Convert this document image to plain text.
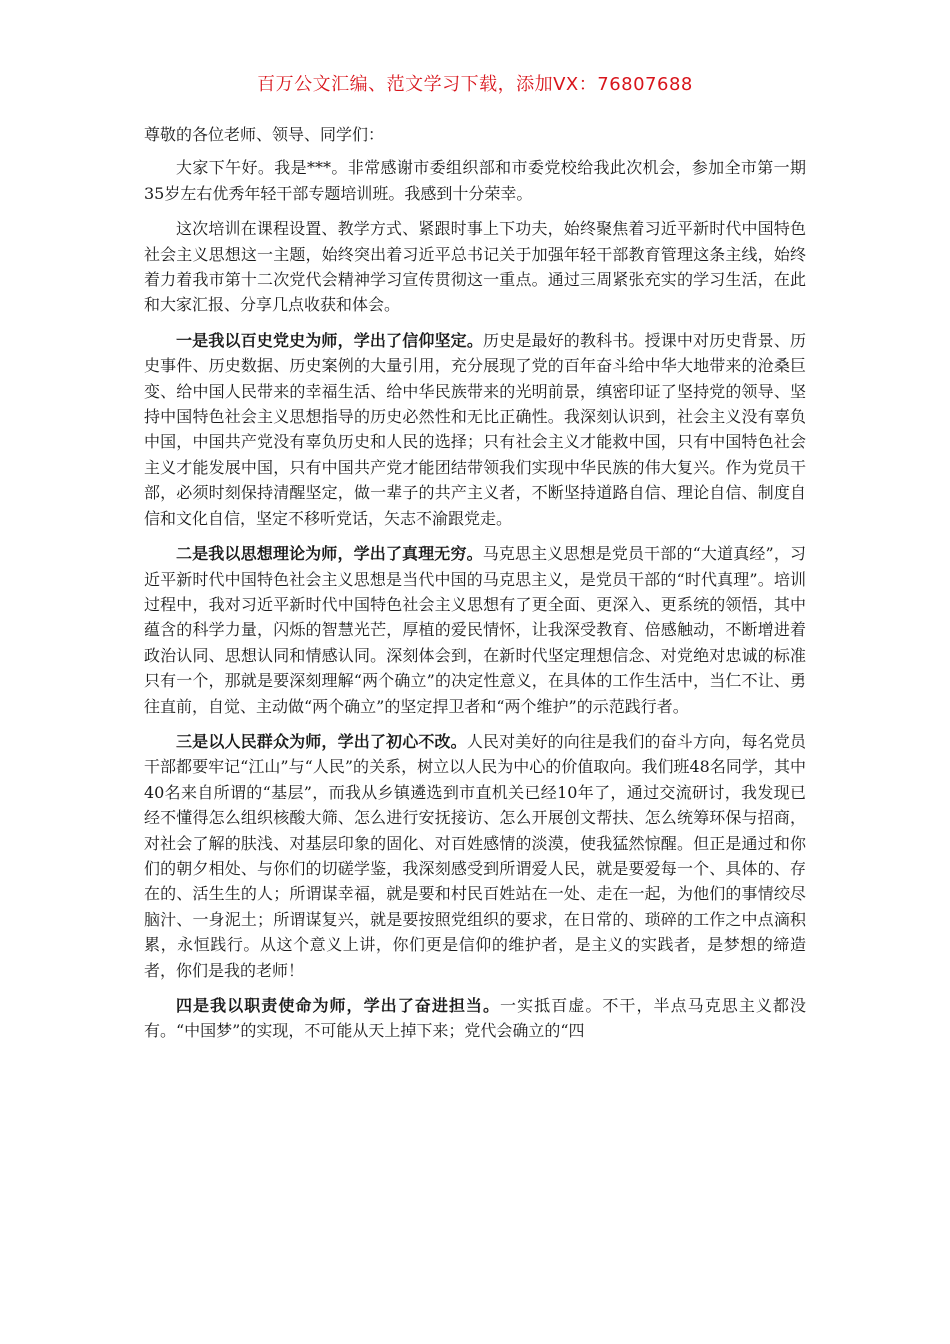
百万公文汇编、范文学习下载，添加VX：76807688

尊敬的各位老师、领导、同学们：

大家下午好。我是***。非常感谢市委组织部和市委党校给我此次机会，参加全市第一期35岁左右优秀年轻干部专题培训班。我感到十分荣幸。

这次培训在课程设置、教学方式、紧跟时事上下功夫，始终聚焦着习近平新时代中国特色社会主义思想这一主题，始终突出着习近平总书记关于加强年轻干部教育管理这条主线，始终着力着我市第十二次党代会精神学习宣传贯彻这一重点。通过三周紧张充实的学习生活，在此和大家汇报、分享几点收获和体会。

一是我以百史党史为师，学出了信仰坚定。历史是最好的教科书。授课中对历史背景、历史事件、历史数据、历史案例的大量引用，充分展现了党的百年奋斗给中华大地带来的沧桑巨变、给中国人民带来的幸福生活、给中华民族带来的光明前景，缜密印证了坚持党的领导、坚持中国特色社会主义思想指导的历史必然性和无比正确性。我深刻认识到，社会主义没有辜负中国，中国共产党没有辜负历史和人民的选择；只有社会主义才能救中国，只有中国特色社会主义才能发展中国，只有中国共产党才能团结带领我们实现中华民族的伟大复兴。作为党员干部，必须时刻保持清醒坚定，做一辈子的共产主义者，不断坚持道路自信、理论自信、制度自信和文化自信，坚定不移听党话，矢志不渝跟党走。

二是我以思想理论为师，学出了真理无穷。马克思主义思想是党员干部的“大道真经”，习近平新时代中国特色社会主义思想是当代中国的马克思主义，是党员干部的“时代真理”。培训过程中，我对习近平新时代中国特色社会主义思想有了更全面、更深入、更系统的领悟，其中蕴含的科学力量，闪烁的智慧光芒，厚植的爱民情怀，让我深受教育、倍感触动，不断增进着政治认同、思想认同和情感认同。深刻体会到，在新时代坚定理想信念、对党绝对忠诚的标准只有一个，那就是要深刻理解“两个确立”的决定性意义，在具体的工作生活中，当仁不让、勇往直前，自觉、主动做“两个确立”的坚定捍卫者和“两个维护”的示范践行者。

三是以人民群众为师，学出了初心不改。人民对美好的向往是我们的奋斗方向，每名党员干部都要牢记“江山”与“人民”的关系，树立以人民为中心的价值取向。我们班48名同学，其中40名来自所谓的“基层”，而我从乡镇遴选到市直机关已经10年了，通过交流研讨，我发现已经不懂得怎么组织核酸大筛、怎么进行安抚接访、怎么开展创文帮扶、怎么统筹环保与招商，对社会了解的肤浅、对基层印象的固化、对百姓感情的淡漠，使我猛然惊醒。但正是通过和你们的朝夕相处、与你们的切磋学鉴，我深刻感受到所谓爱人民，就是要爱每一个、具体的、存在的、活生生的人；所谓谋幸福，就是要和村民百姓站在一处、走在一起，为他们的事情绞尽脑汁、一身泥土；所谓谋复兴，就是要按照党组织的要求，在日常的、琐碎的工作之中点滴积累，永恒践行。从这个意义上讲，你们更是信仰的维护者，是主义的实践者，是梦想的缔造者，你们是我的老师！

四是我以职责使命为师，学出了奋进担当。一实抵百虚。不干，半点马克思主义都没有。“中国梦”的实现，不可能从天上掉下来；党代会确立的“四
